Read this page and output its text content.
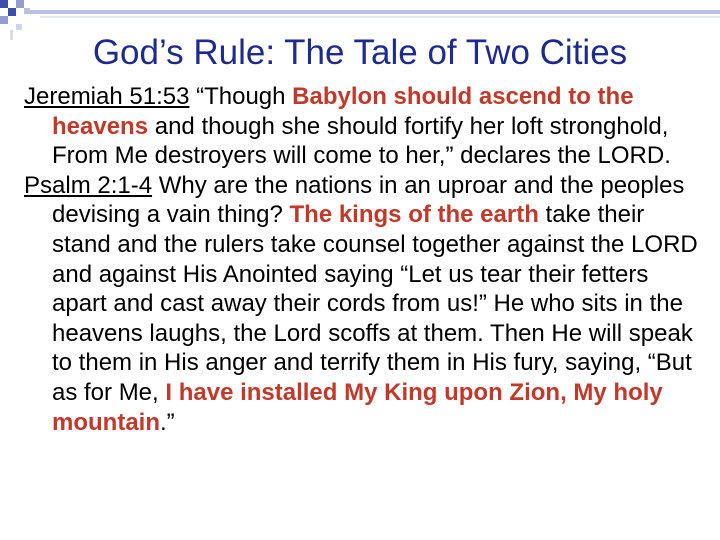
God’s Rule: The Tale of Two Cities

Jeremiah 51:53 “Though Babylon should ascend to the heavens and though she should fortify her loft stronghold, From Me destroyers will come to her,” declares the LORD.

Psalm 2:1-4 Why are the nations in an uproar and the peoples devising a vain thing? The kings of the earth take their stand and the rulers take counsel together against the LORD and against His Anointed saying “Let us tear their fetters apart and cast away their cords from us!” He who sits in the heavens laughs, the Lord scoffs at them. Then He will speak to them in His anger and terrify them in His fury, saying, “But as for Me, I have installed My King upon Zion, My holy mountain.”
